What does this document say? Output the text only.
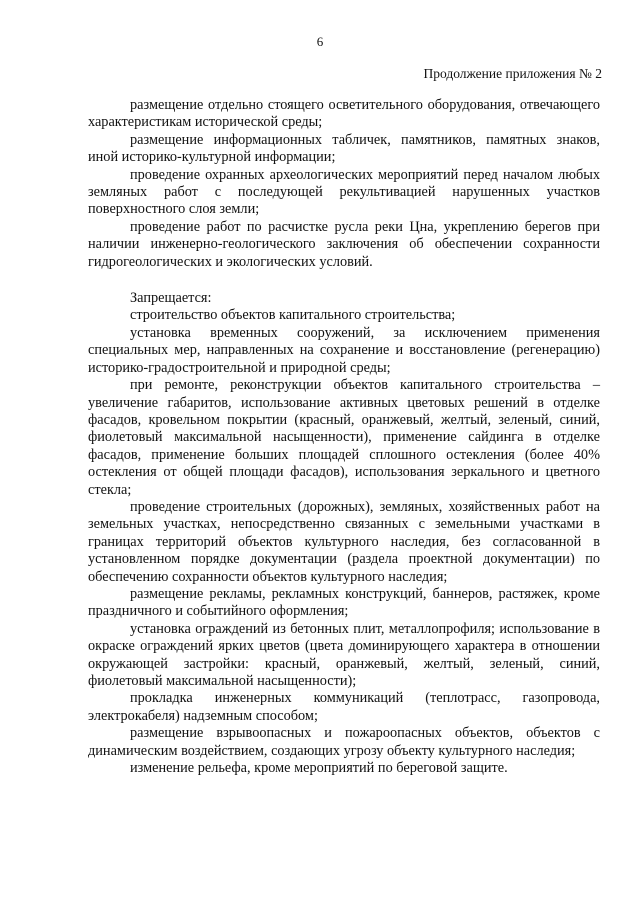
6
Продолжение приложения № 2

размещение отдельно стоящего осветительного оборудования, отвечающего характеристикам исторической среды;

размещение информационных табличек, памятников, памятных знаков, иной историко-культурной информации;

проведение охранных археологических мероприятий перед началом любых земляных работ с последующей рекультивацией нарушенных участков поверхностного слоя земли;

проведение работ по расчистке русла реки Цна, укреплению берегов при наличии инженерно-геологического заключения об обеспечении сохранности гидрогеологических и экологических условий.

Запрещается:

строительство объектов капитального строительства;

установка временных сооружений, за исключением применения специальных мер, направленных на сохранение и восстановление (регенерацию) историко-градостроительной и природной среды;

при ремонте, реконструкции объектов капитального строительства – увеличение габаритов, использование активных цветовых решений в отделке фасадов, кровельном покрытии (красный, оранжевый, желтый, зеленый, синий, фиолетовый максимальной насыщенности), применение сайдинга в отделке фасадов, применение больших площадей сплошного остекления (более 40% остекления от общей площади фасадов), использования зеркального и цветного стекла;

проведение строительных (дорожных), земляных, хозяйственных работ на земельных участках, непосредственно связанных с земельными участками в границах территорий объектов культурного наследия, без согласованной в установленном порядке документации (раздела проектной документации) по обеспечению сохранности объектов культурного наследия;

размещение рекламы, рекламных конструкций, баннеров, растяжек, кроме праздничного и событийного оформления;

установка ограждений из бетонных плит, металлопрофиля; использование в окраске ограждений ярких цветов (цвета доминирующего характера в отношении окружающей застройки: красный, оранжевый, желтый, зеленый, синий, фиолетовый максимальной насыщенности);

прокладка инженерных коммуникаций (теплотрасс, газопровода, электрокабеля) надземным способом;

размещение взрывоопасных и пожароопасных объектов, объектов с динамическим воздействием, создающих угрозу объекту культурного наследия;

изменение рельефа, кроме мероприятий по береговой защите.
